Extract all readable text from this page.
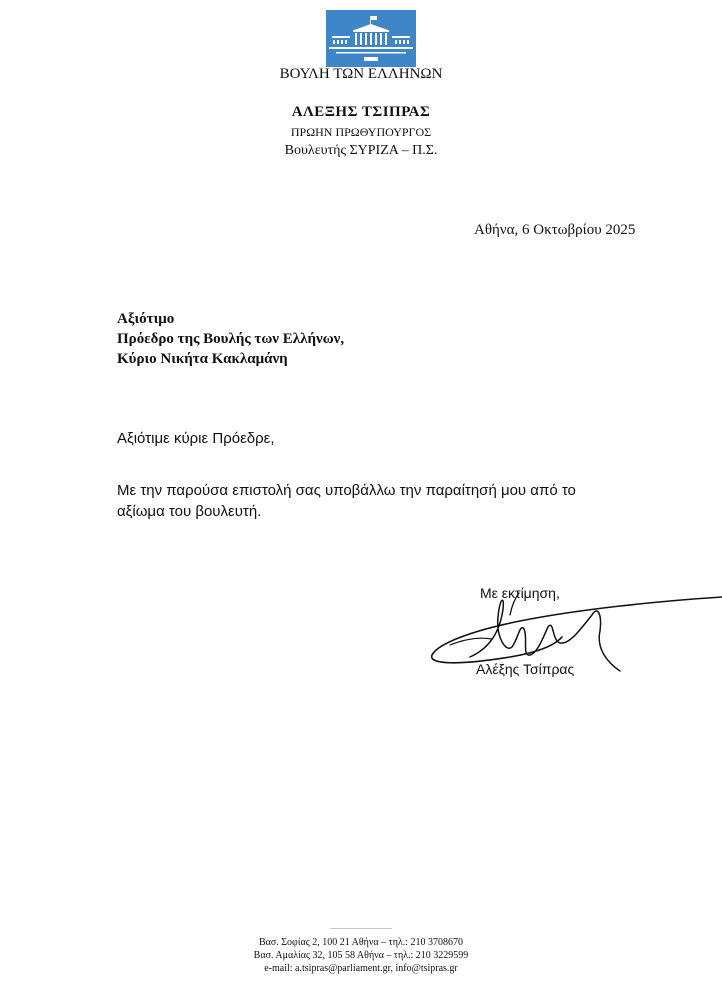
ΒΟΥΛΗ ΤΩΝ ΕΛΛΗΝΩΝ
ΑΛΕΞΗΣ ΤΣΙΠΡΑΣ
ΠΡΩΗΝ ΠΡΩΘΥΠΟΥΡΓΟΣ
Βουλευτής ΣΥΡΙΖΑ – Π.Σ.
Αθήνα, 6 Οκτωβρίου 2025
Αξιότιμο
Πρόεδρο της Βουλής των Ελλήνων,
Κύριο Νικήτα Κακλαμάνη
Αξιότιμε κύριε Πρόεδρε,
Με την παρούσα επιστολή σας υποβάλλω την παραίτησή μου από το αξίωμα του βουλευτή.
Με εκτίμηση,
Αλέξης Τσίπρας
Βασ. Σοφίας 2, 100 21 Αθήνα – τηλ.: 210 3708670
Βασ. Αμαλίας 32, 105 58 Αθήνα – τηλ.: 210 3229599
e-mail: a.tsipras@parliament.gr, info@tsipras.gr
